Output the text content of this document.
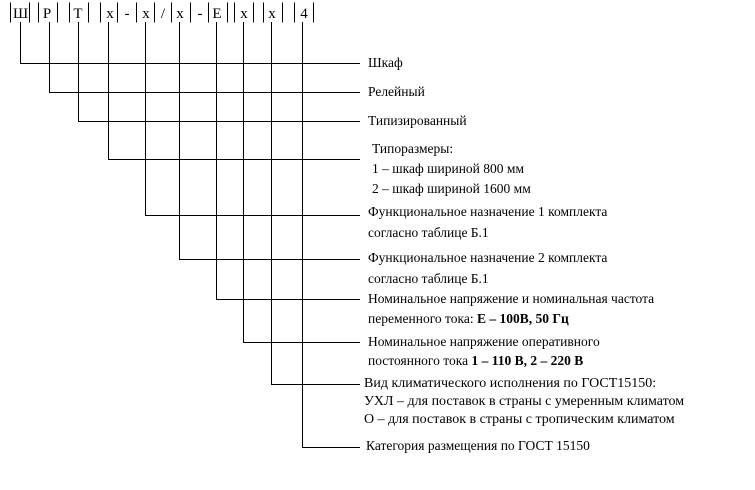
Ш Р Т х - х / х - Е х х 4
Шкаф
Релейный
Типизированный
Типоразмеры:
1 – шкаф шириной 800 мм
2 – шкаф шириной 1600 мм
Функциональное назначение 1 комплекта
согласно таблице Б.1
Функциональное назначение 2 комплекта
согласно таблице Б.1
Номинальное напряжение и номинальная частота
переменного тока: Е – 100В, 50 Гц
Номинальное напряжение оперативного
постоянного тока 1 – 110 В, 2 – 220 В
Вид климатического исполнения по ГОСТ15150:
УХЛ – для поставок в страны с умеренным климатом
О – для поставок в страны с тропическим климатом
Категория размещения по ГОСТ 15150
